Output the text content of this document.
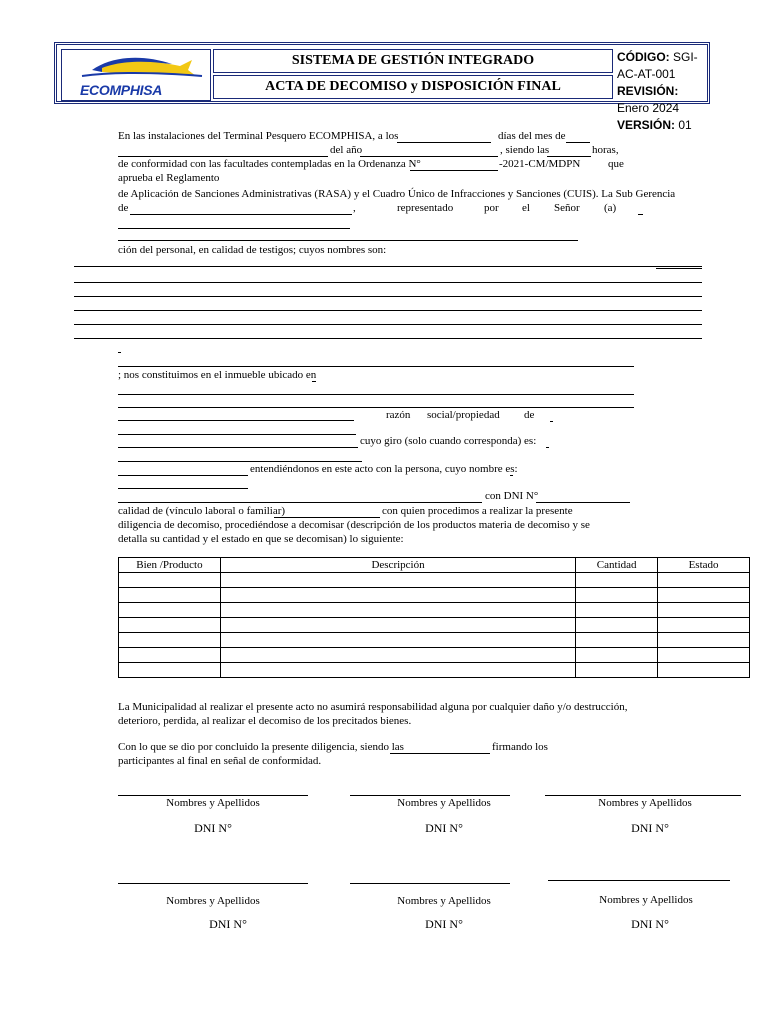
ECOMPHISA
SISTEMA DE GESTIÓN INTEGRADO
ACTA DE DECOMISO y DISPOSICIÓN FINAL
CÓDIGO: SGI-AC-AT-001
REVISIÓN: Enero 2024
VERSIÓN: 01
En las instalaciones del Terminal Pesquero ECOMPHISA, a los	días del mes de
del año	, siendo las	horas,
de conformidad con las facultades contempladas en la Ordenanza N°	-2021-CM/MDPN	que
aprueba el Reglamento
de Aplicación de Sanciones Administrativas (RASA) y el Cuadro Único de Infracciones y Sanciones (CUIS). La Sub Gerencia
de	,	representado	por el Señor (a)
ción del personal, en calidad de testigos; cuyos nombres son:
; nos constituimos en el inmueble ubicado en
razón social/propiedad de
cuyo giro (solo cuando corresponda) es:
entendiéndonos en este acto con la persona, cuyo nombre es:
con DNI N°
calidad de (vínculo laboral o familiar)	con quien procedimos a realizar la presente
diligencia de decomiso, procediéndose a decomisar (descripción de los productos materia de decomiso y se
detalla su cantidad y el estado en que se decomisan) lo siguiente:
Bien /Producto	Descripción	Cantidad	Estado

La Municipalidad al realizar el presente acto no asumirá responsabilidad alguna por cualquier daño y/o destrucción,
deterioro, perdida, al realizar el decomiso de los precitados bienes.
Con lo que se dio por concluido la presente diligencia, siendo las	firmando los
participantes al final en señal de conformidad.
Nombres y Apellidos
DNI N°
Nombres y Apellidos
DNI N°
Nombres y Apellidos
DNI N°
Nombres y Apellidos
DNI N°
Nombres y Apellidos
DNI N°
Nombres y Apellidos
DNI N°
